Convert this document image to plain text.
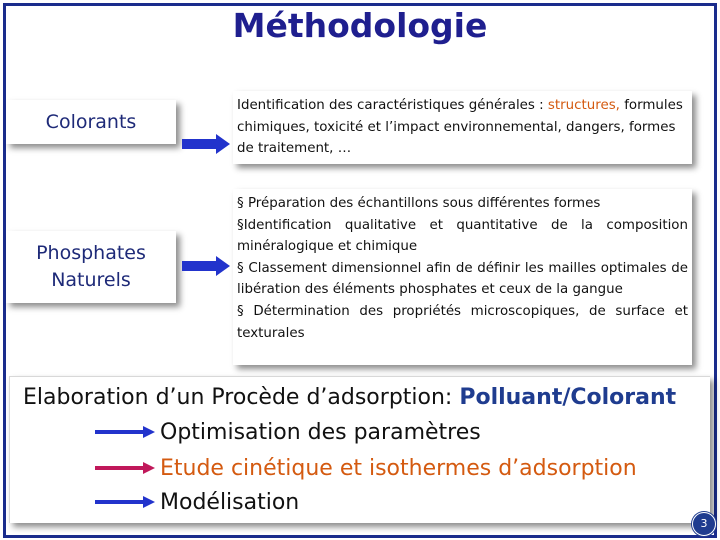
Méthodologie
Colorants
Identification des caractéristiques générales : structures, formules chimiques, toxicité et l’impact environnemental, dangers, formes de traitement, …
Phosphates
Naturels

§ Préparation des échantillons sous différentes formes

§Identification qualitative et quantitative de la composition minéralogique et chimique

§ Classement dimensionnel afin de définir les mailles optimales de libération des éléments phosphates et ceux de la gangue

§ Détermination des propriétés microscopiques, de surface et texturales

Elaboration d’un Procède d’adsorption: Polluant/Colorant
Optimisation des paramètres
Etude cinétique et isothermes d’adsorption
Modélisation
3
